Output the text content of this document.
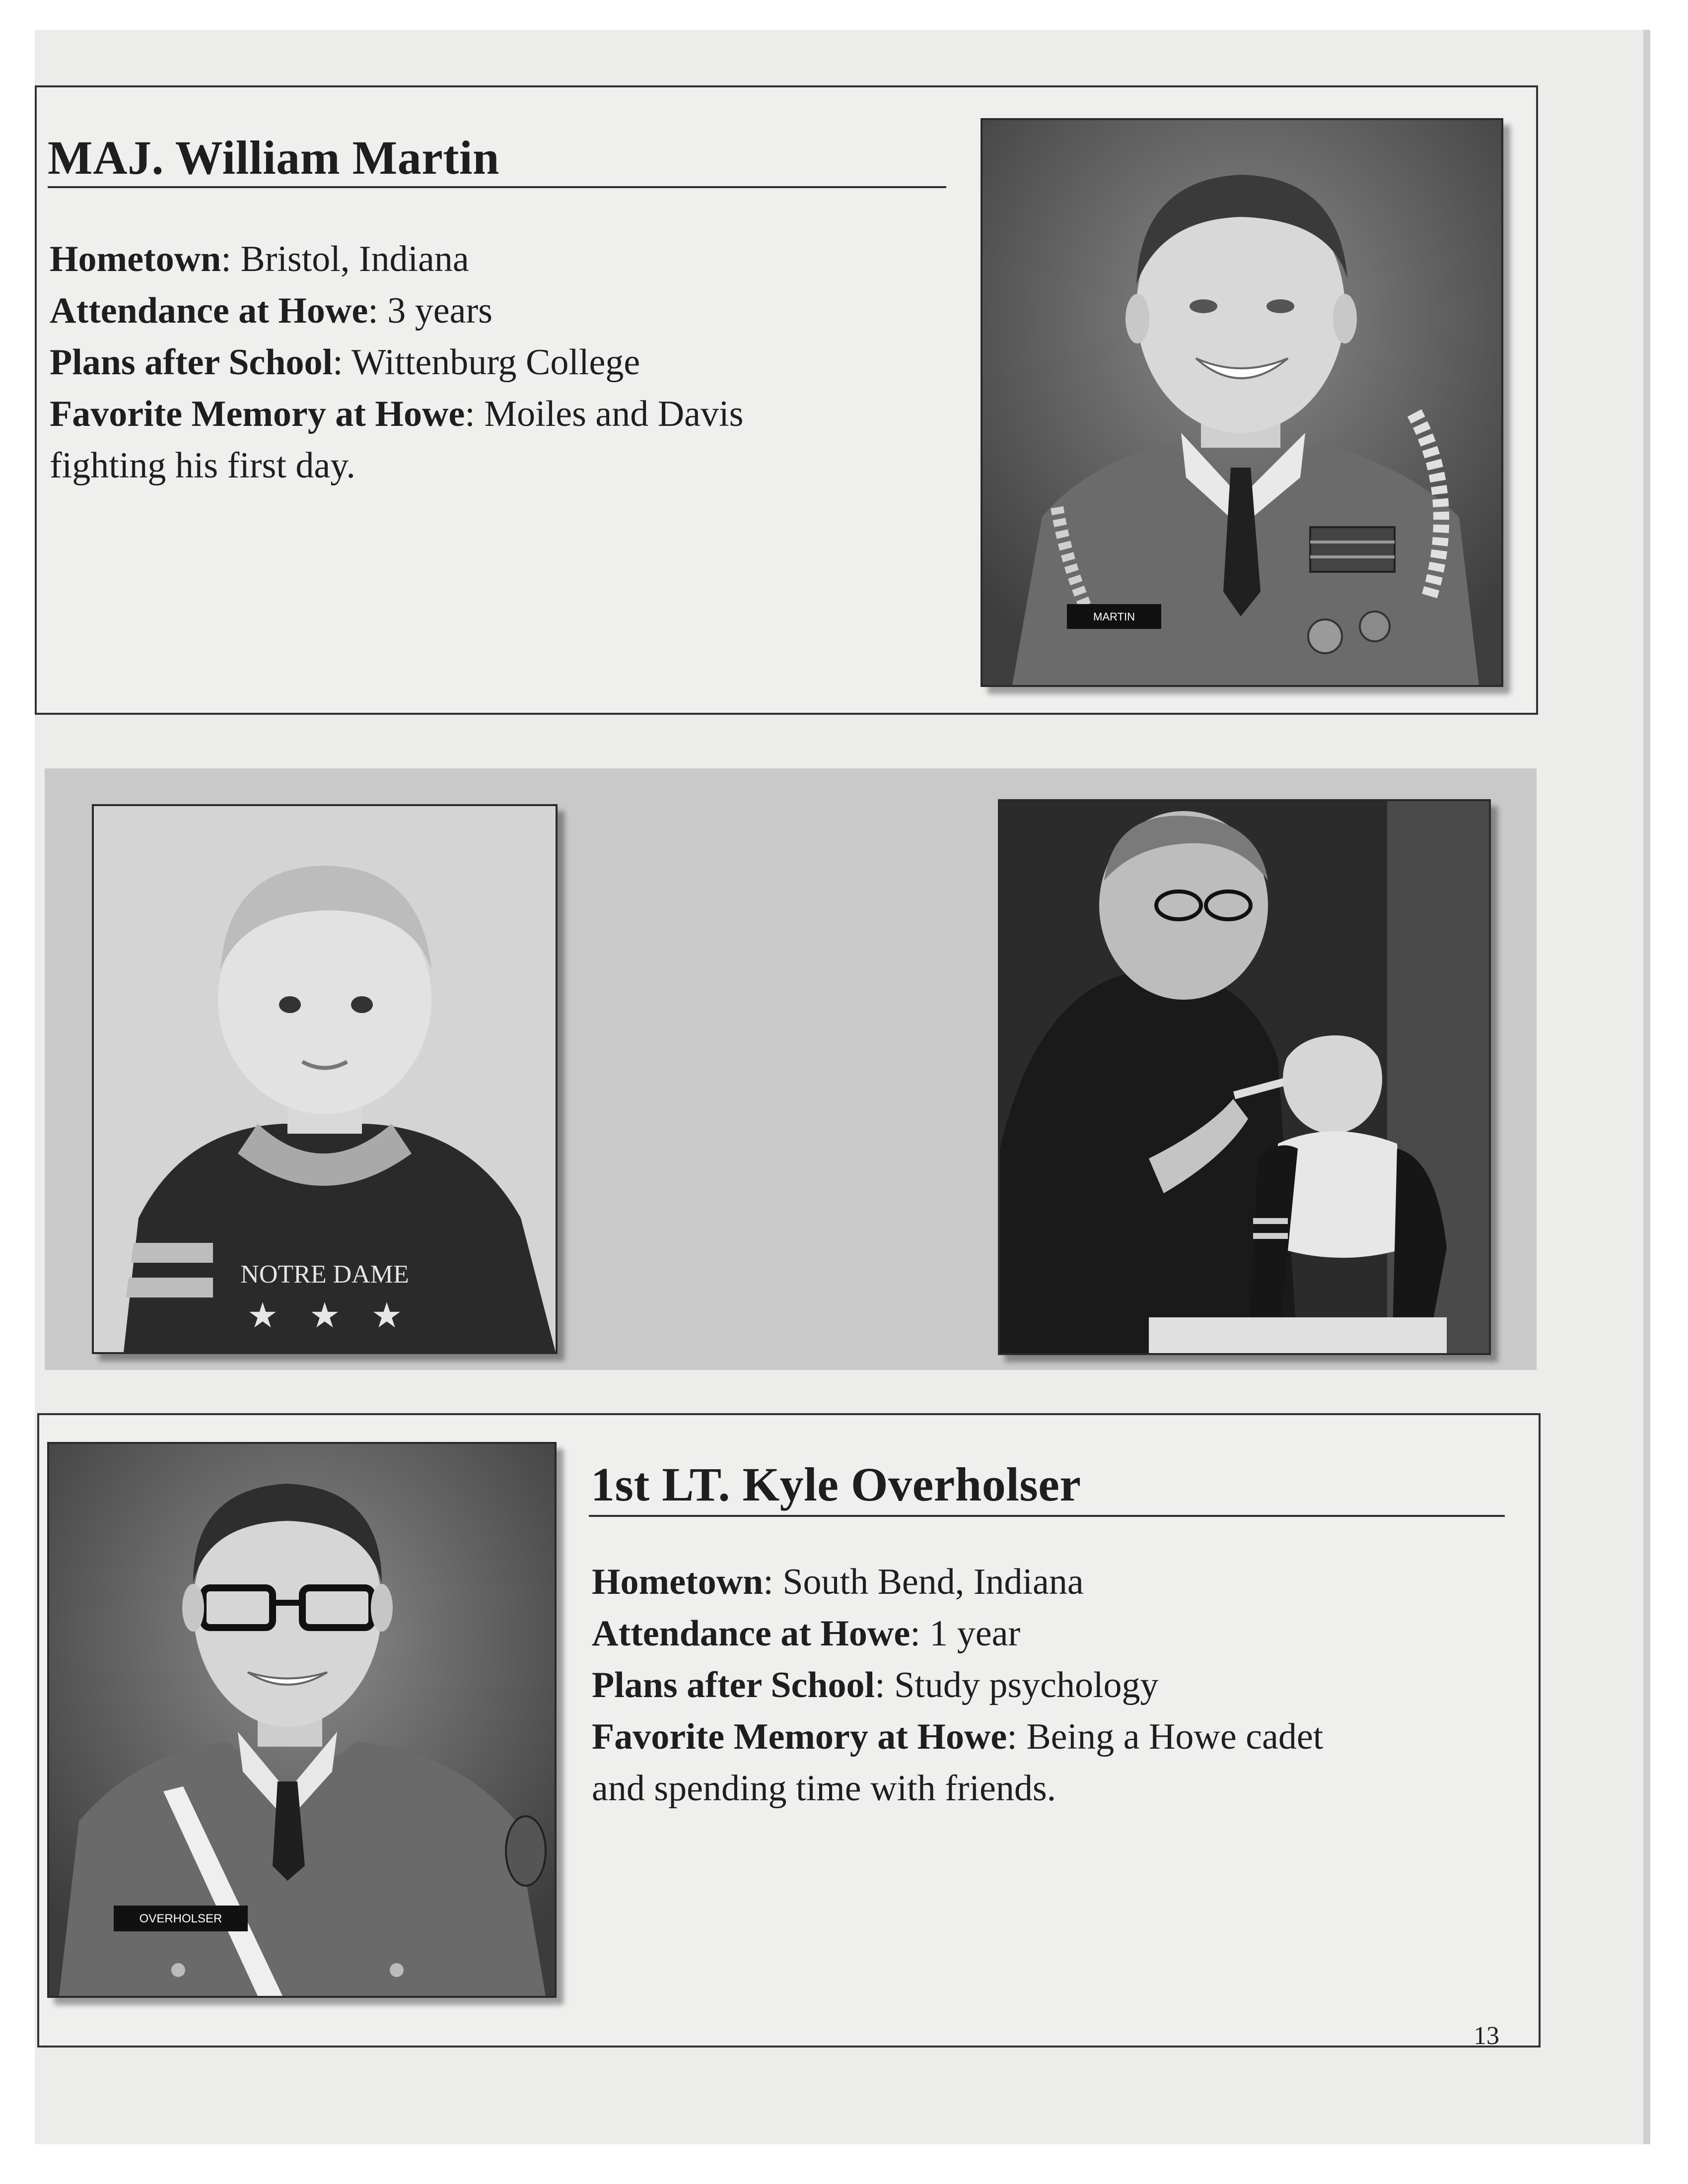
MAJ. William Martin

Hometown: Bristol, Indiana

Attendance at Howe: 3 years

Plans after School: Wittenburg College

Favorite Memory at Howe: Moiles and Davis

fighting his first day.

MARTIN
NOTRE DAME
★ ★ ★
OVERHOLSER
1st LT. Kyle Overholser

Hometown: South Bend, Indiana

Attendance at Howe: 1 year

Plans after School: Study psychology

Favorite Memory at Howe: Being a Howe cadet

and spending time with friends.

13
